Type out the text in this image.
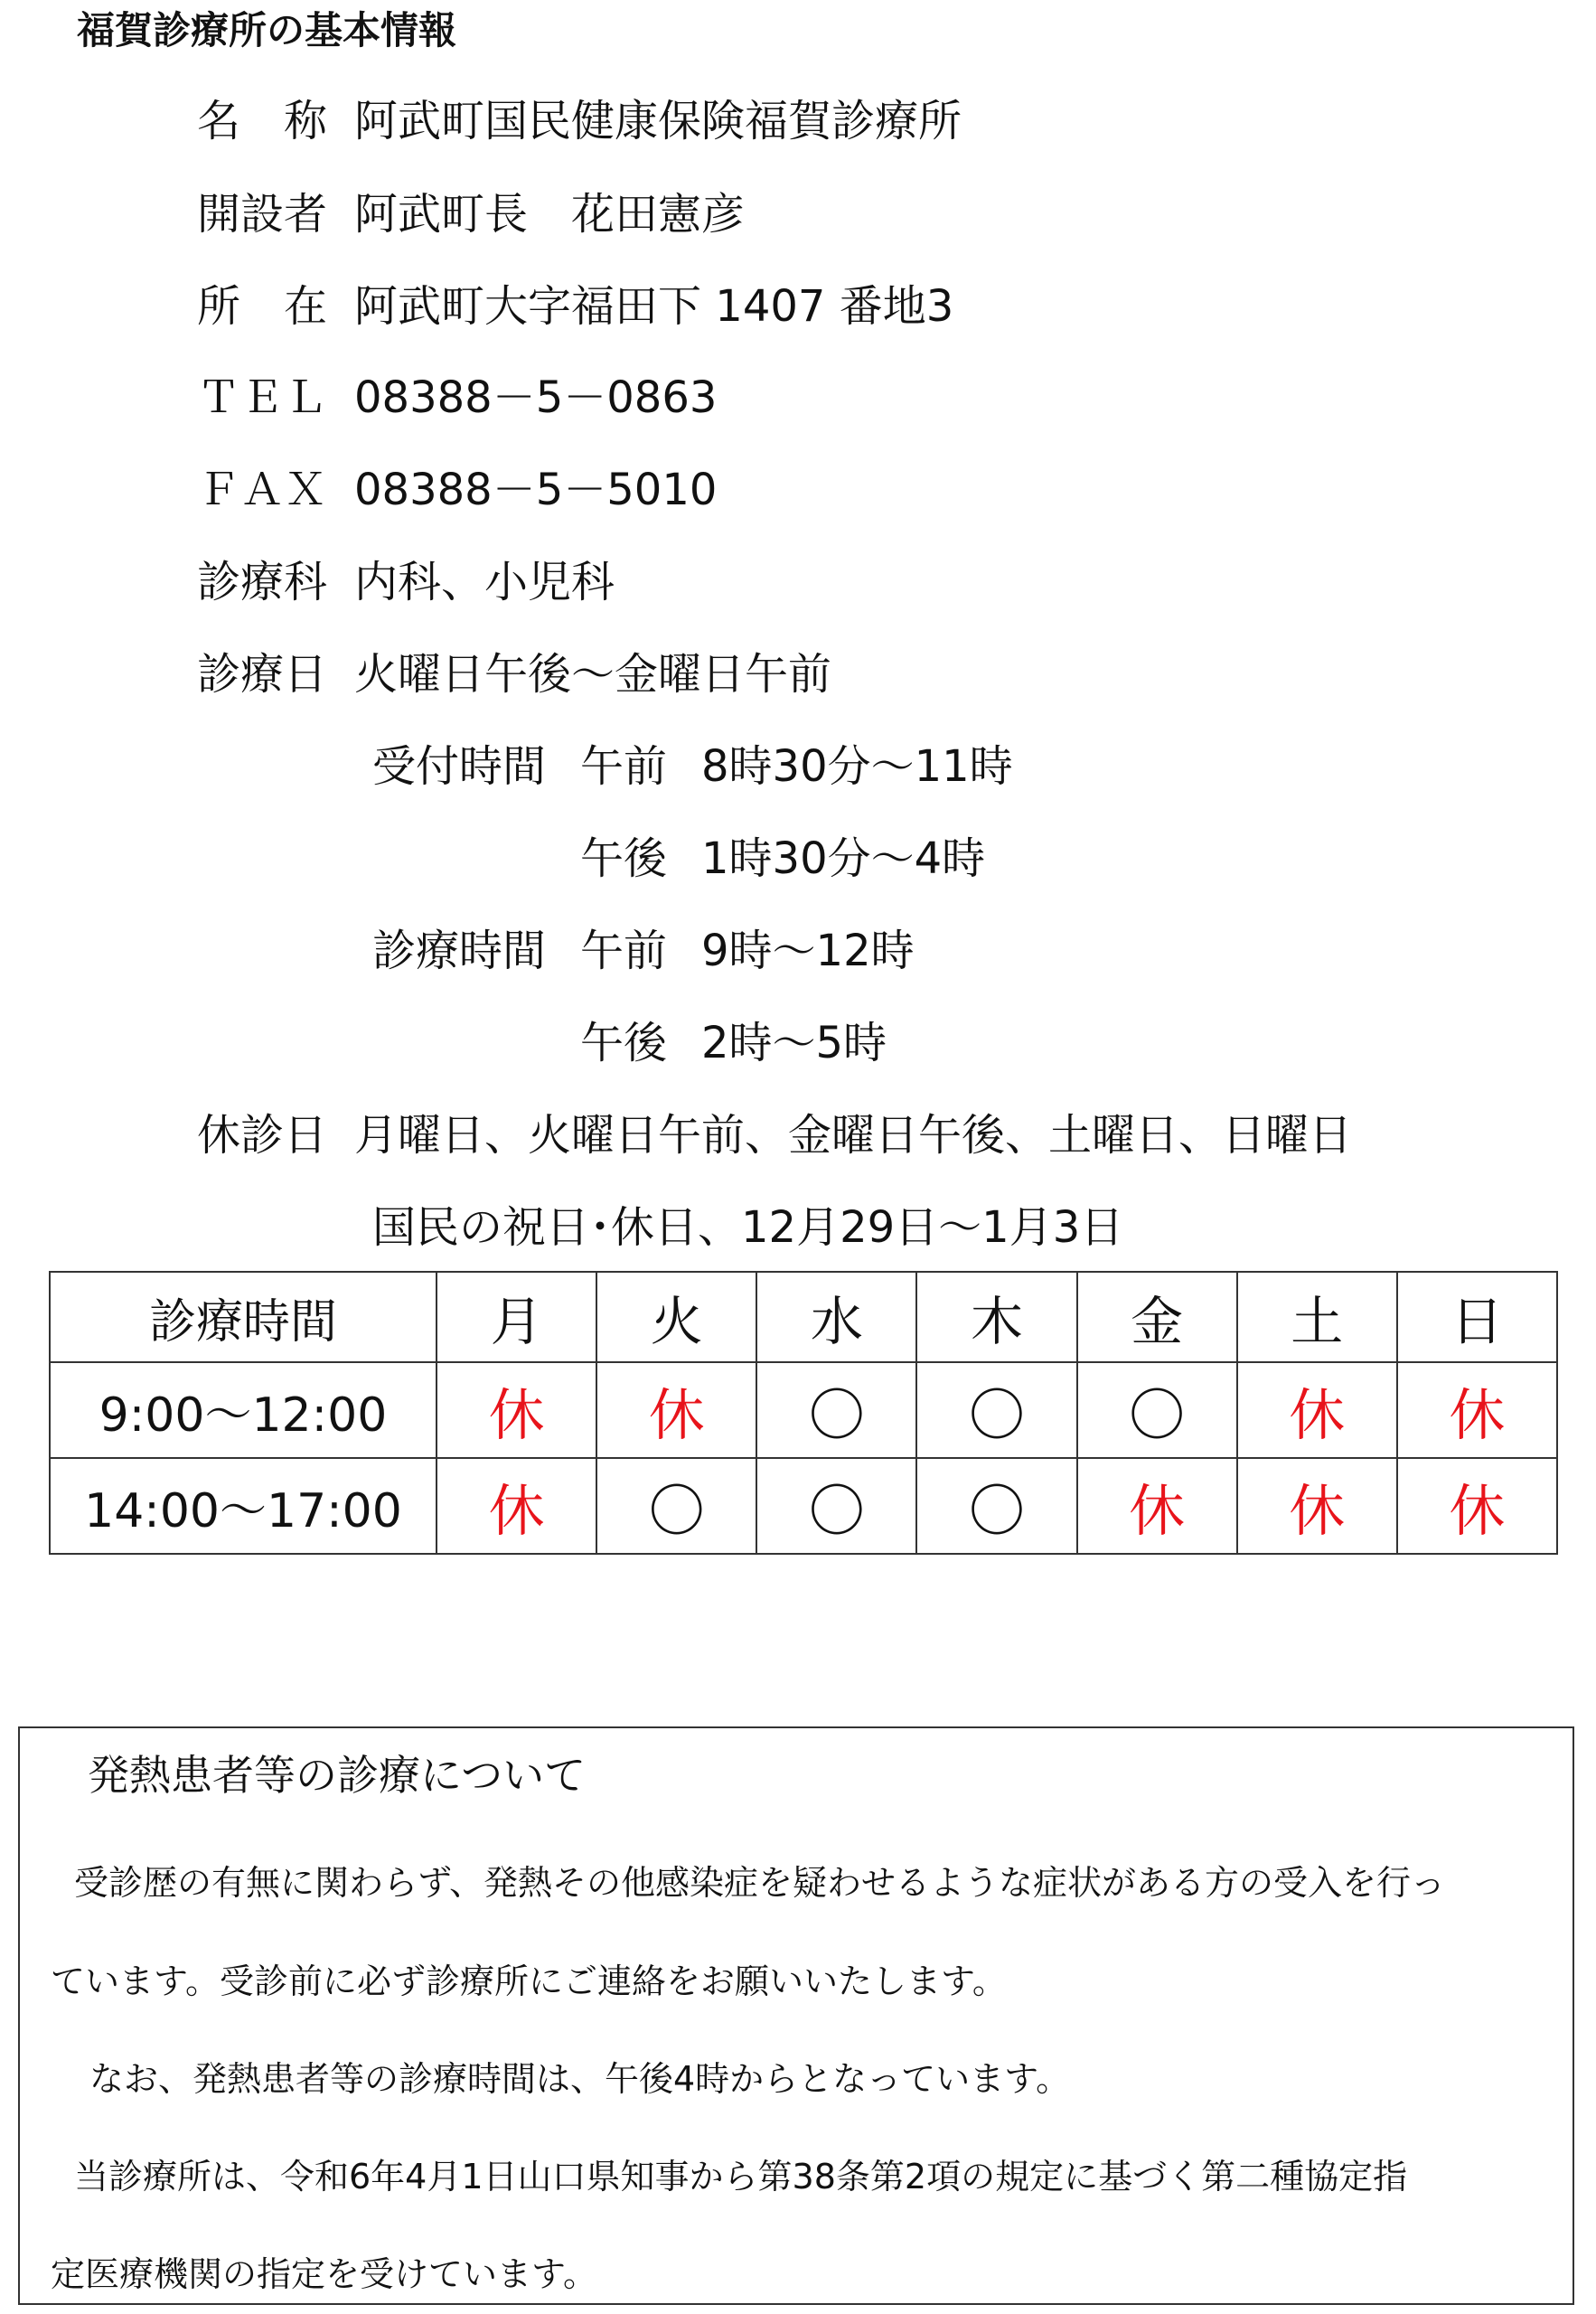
福賀診療所の基本情報
名　称 阿武町国民健康保険福賀診療所
開設者 阿武町長　花田憲彦
所　在 阿武町大字福田下 1407 番地3
ＴＥＬ 08388－5－0863
ＦＡＸ 08388－5－5010
診療科 内科、小児科
診療日 火曜日午後～金曜日午前
受付時間 午前 8時30分～11時
午後 1時30分～4時
診療時間 午前 9時～12時
午後 2時～5時
休診日 月曜日、火曜日午前、金曜日午後、土曜日、日曜日
国民の祝日･休日、12月29日～1月3日
診療時間	月	火	水	木	金	土	日
9:00～12:00	休	休	〇	〇	〇	休	休
14:00～17:00	休	〇	〇	〇	休	休	休
発熱患者等の診療について
受診歴の有無に関わらず、発熱その他感染症を疑わせるような症状がある方の受入を行っ
ています。受診前に必ず診療所にご連絡をお願いいたします。
なお、発熱患者等の診療時間は、午後4時からとなっています。
当診療所は、令和6年4月1日山口県知事から第38条第2項の規定に基づく第二種協定指
定医療機関の指定を受けています。
